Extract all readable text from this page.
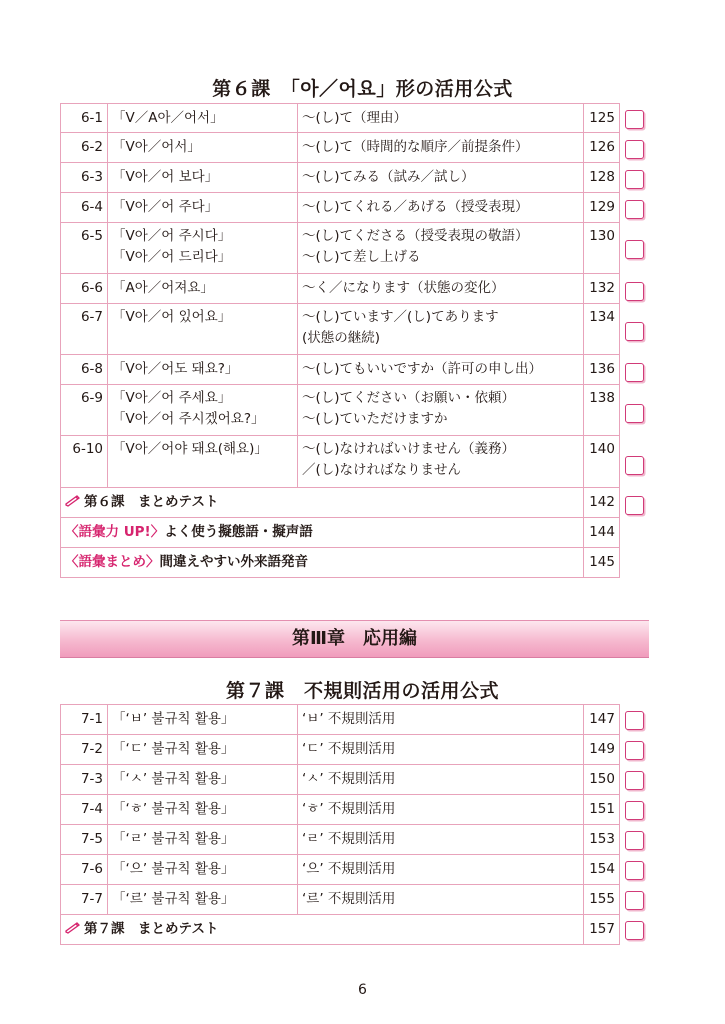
第６課　「아／어요」形の活用公式
6-1	「V／A아／어서」	～(し)て（理由）	125
6-2	「V아／어서」	～(し)て（時間的な順序／前提条件）	126
6-3	「V아／어 보다」	～(し)てみる（試み／試し）	128
6-4	「V아／어 주다」	～(し)てくれる／あげる（授受表現）	129
6-5	「V아／어 주시다」
「V아／어 드리다」	～(し)てくださる（授受表現の敬語）
～(し)て差し上げる	130
6-6	「A아／어져요」	～く／になります（状態の変化）	132
6-7	「V아／어 있어요」	～(し)ています／(し)てあります
(状態の継続)	134
6-8	「V아／어도 돼요?」	～(し)てもいいですか（許可の申し出）	136
6-9	「V아／어 주세요」
「V아／어 주시겠어요?」	～(し)てください（お願い・依頼）
～(し)ていただけますか	138
6-10	「V아／어야 돼요(해요)」	～(し)なければいけません（義務）
／(し)なければなりません	140
第６課　まとめテスト			142
〈語彙力 UP!〉よく使う擬態語・擬声語			144
〈語彙まとめ〉間違えやすい外来語発音			145
第Ⅲ章　応用編
第７課　不規則活用の活用公式
7-1	「‘ㅂ’ 불규칙 활용」	‘ㅂ’ 不規則活用	147
7-2	「‘ㄷ’ 불규칙 활용」	‘ㄷ’ 不規則活用	149
7-3	「‘ㅅ’ 불규칙 활용」	‘ㅅ’ 不規則活用	150
7-4	「‘ㅎ’ 불규칙 활용」	‘ㅎ’ 不規則活用	151
7-5	「‘ㄹ’ 불규칙 활용」	‘ㄹ’ 不規則活用	153
7-6	「‘으’ 불규칙 활용」	‘으’ 不規則活用	154
7-7	「‘르’ 불규칙 활용」	‘르’ 不規則活用	155
第７課　まとめテスト			157
6
